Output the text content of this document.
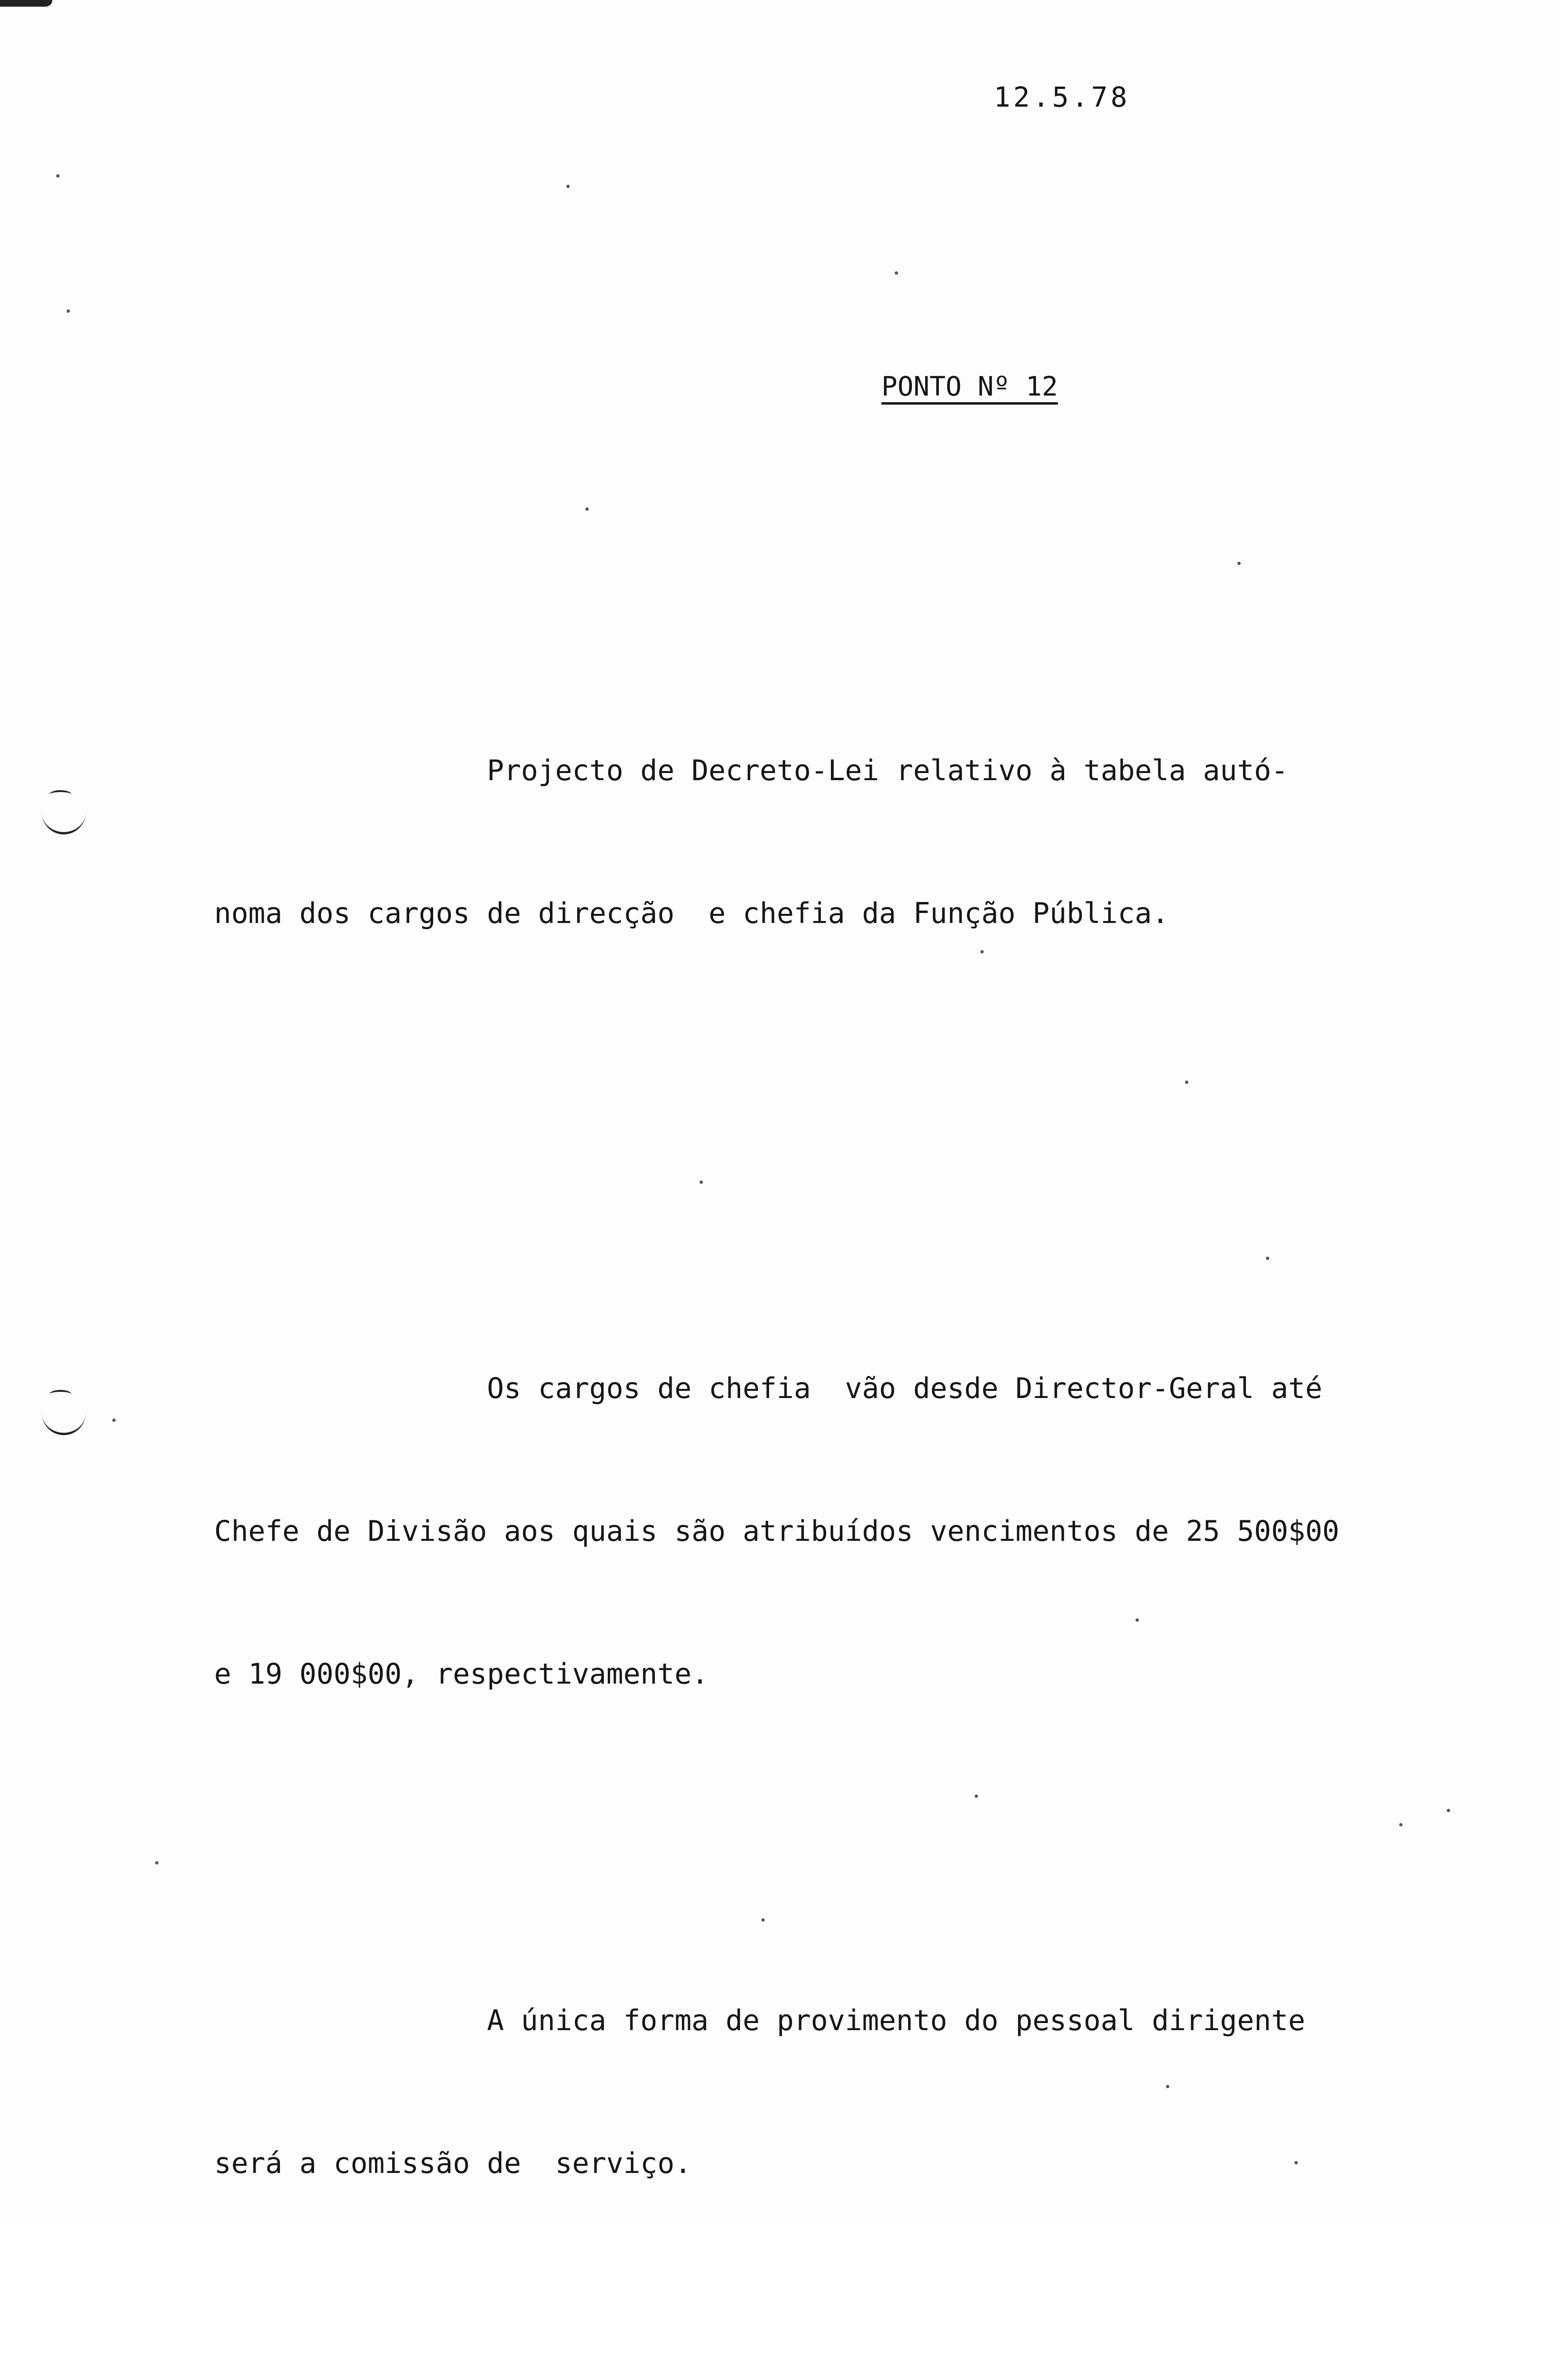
12.5.78
PONTO Nº 12

Projecto de Decreto-Lei relativo à tabela autó-

noma dos cargos de direcção  e chefia da Função Pública.

Os cargos de chefia  vão desde Director-Geral até

Chefe de Divisão aos quais são atribuídos vencimentos de 25 500$00

e 19 000$00, respectivamente.

A única forma de provimento do pessoal dirigente

será a comissão de  serviço.
